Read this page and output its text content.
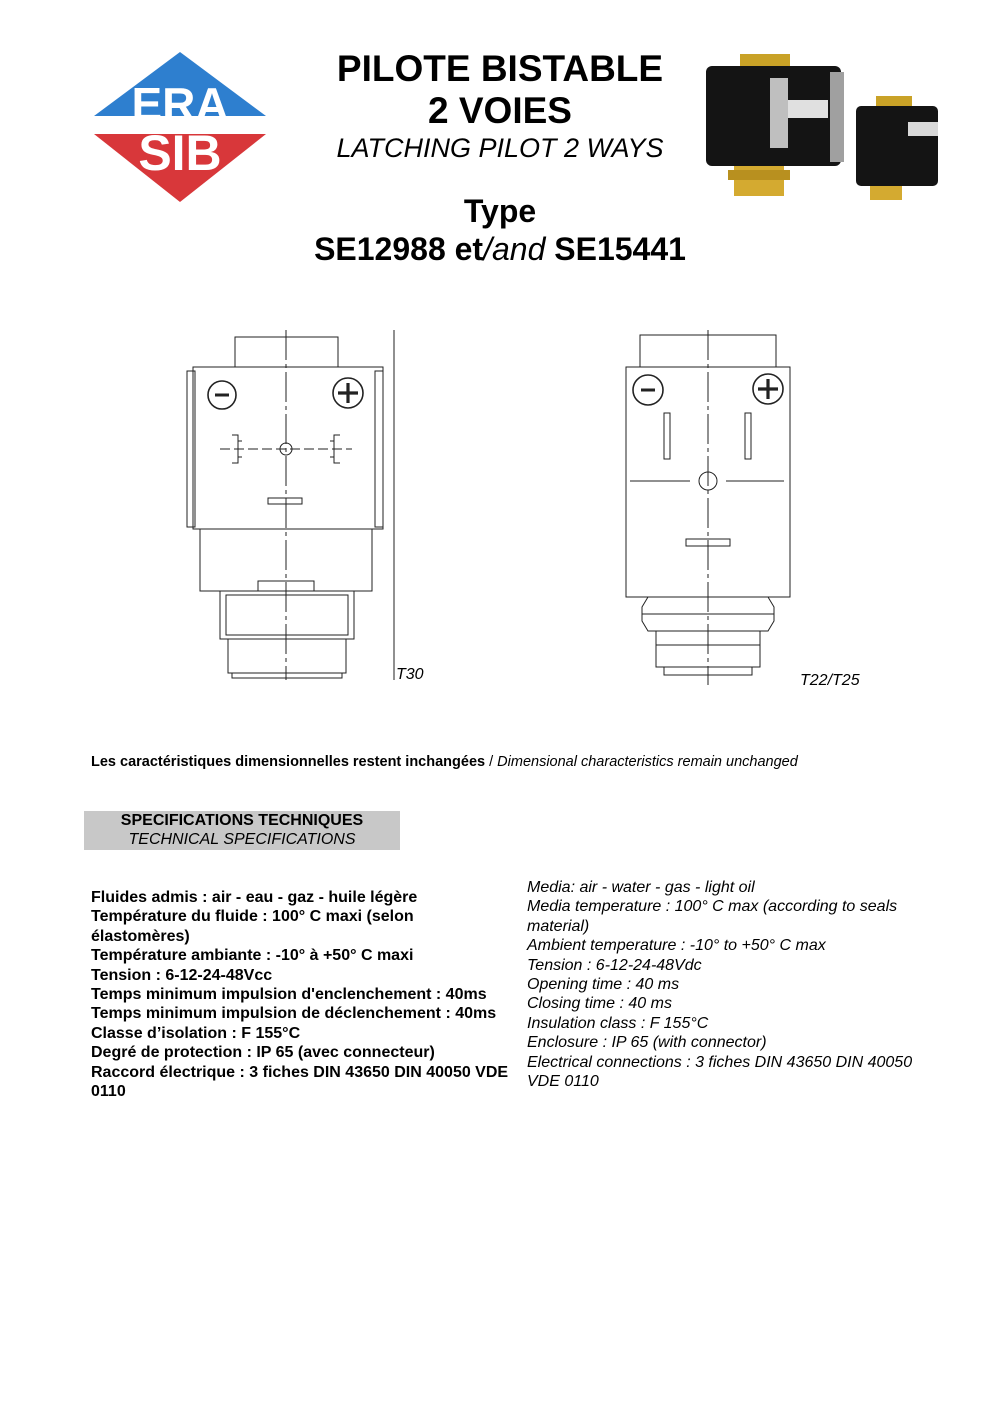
ERA
SIB
PILOTE BISTABLE
2 VOIES
LATCHING PILOT 2 WAYS
Type
SE12988 et/and SE15441
T30	T22/T25
Les caractéristiques dimensionnelles restent inchangées / Dimensional characteristics remain unchanged
SPECIFICATIONS TECHNIQUES
TECHNICAL SPECIFICATIONS
Fluides admis : air - eau - gaz - huile légère
Température du fluide : 100° C maxi (selon élastomères)
Température ambiante : -10° à +50° C maxi
Tension : 6-12-24-48Vcc
Temps minimum impulsion d'enclenchement : 40ms
Temps minimum impulsion de déclenchement : 40ms
Classe d’isolation : F 155°C
Degré de protection : IP 65 (avec connecteur)
Raccord électrique : 3 fiches DIN 43650 DIN 40050 VDE 0110
Media: air - water - gas - light oil
Media temperature : 100° C max (according to seals material)
Ambient temperature : -10° to +50° C max
Tension : 6-12-24-48Vdc
Opening time : 40 ms
Closing time : 40 ms
Insulation class : F 155°C
Enclosure : IP 65 (with connector)
Electrical connections : 3 fiches DIN 43650 DIN 40050 VDE 0110
